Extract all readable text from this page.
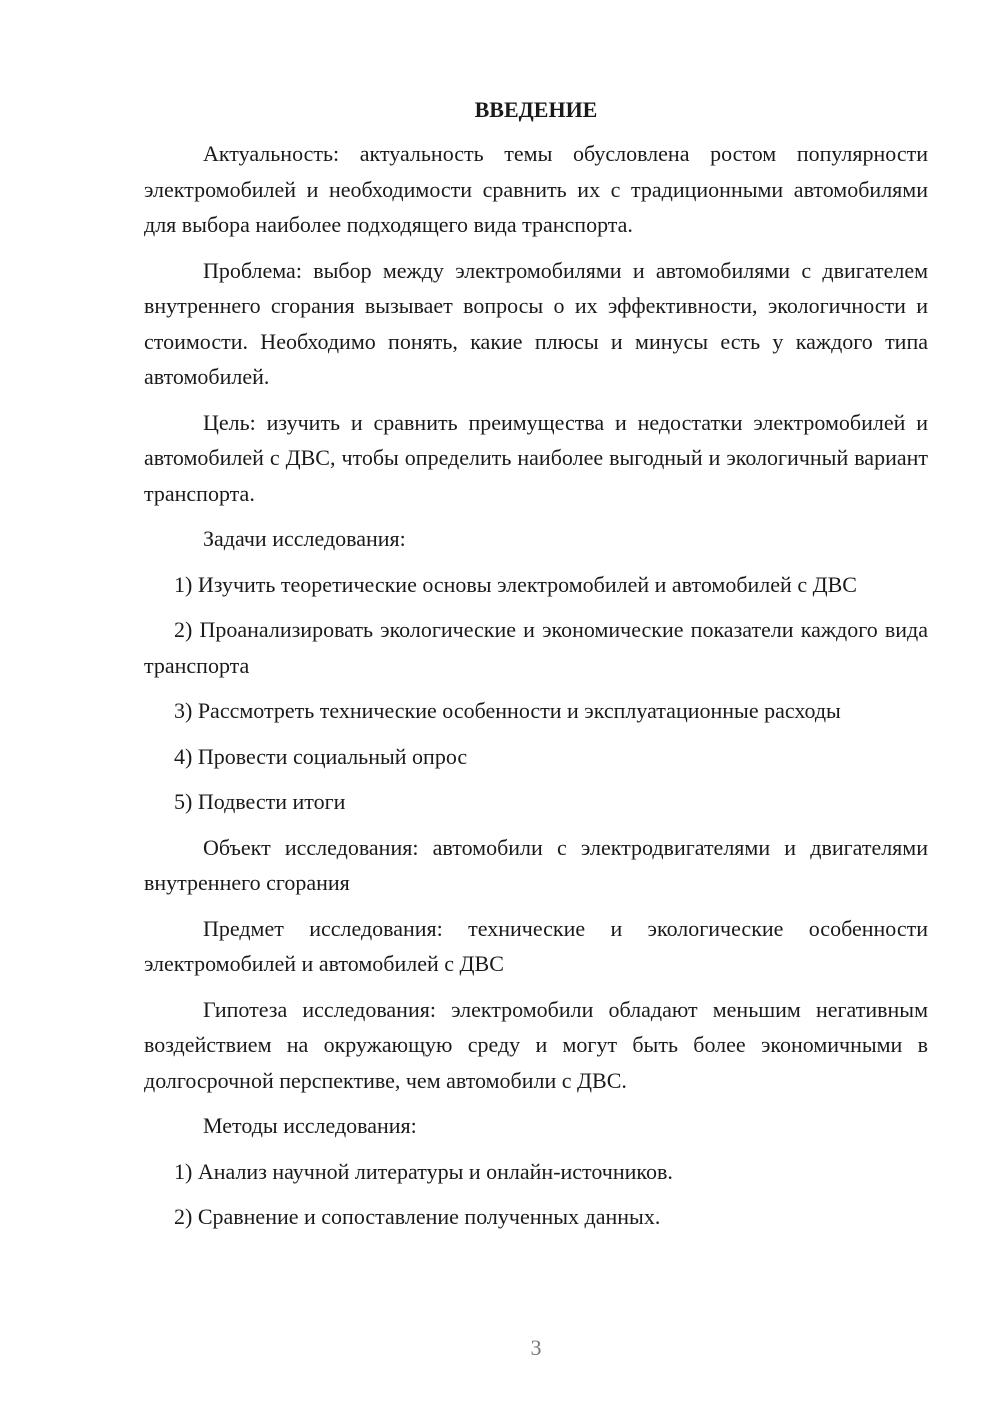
ВВЕДЕНИЕ

Актуальность: актуальность темы обусловлена ростом популярности электромобилей и необходимости сравнить их с традиционными автомобилями для выбора наиболее подходящего вида транспорта.

Проблема: выбор между электромобилями и автомобилями с двигателем внутреннего сгорания вызывает вопросы о их эффективности, экологичности и стоимости. Необходимо понять, какие плюсы и минусы есть у каждого типа автомобилей.

Цель: изучить и сравнить преимущества и недостатки электромобилей и автомобилей с ДВС, чтобы определить наиболее выгодный и экологичный вариант транспорта.

Задачи исследования:

1) Изучить теоретические основы электромобилей и автомобилей с ДВС

2) Проанализировать экологические и экономические показатели каждого вида транспорта

3) Рассмотреть технические особенности и эксплуатационные расходы

4) Провести социальный опрос

5) Подвести итоги

Объект исследования: автомобили с электродвигателями и двигателями внутреннего сгорания

Предмет исследования: технические и экологические особенности электромобилей и автомобилей с ДВС

Гипотеза исследования: электромобили обладают меньшим негативным воздействием на окружающую среду и могут быть более экономичными в долгосрочной перспективе, чем автомобили с ДВС.

Методы исследования:

1) Анализ научной литературы и онлайн-источников.

2) Сравнение и сопоставление полученных данных.

3
